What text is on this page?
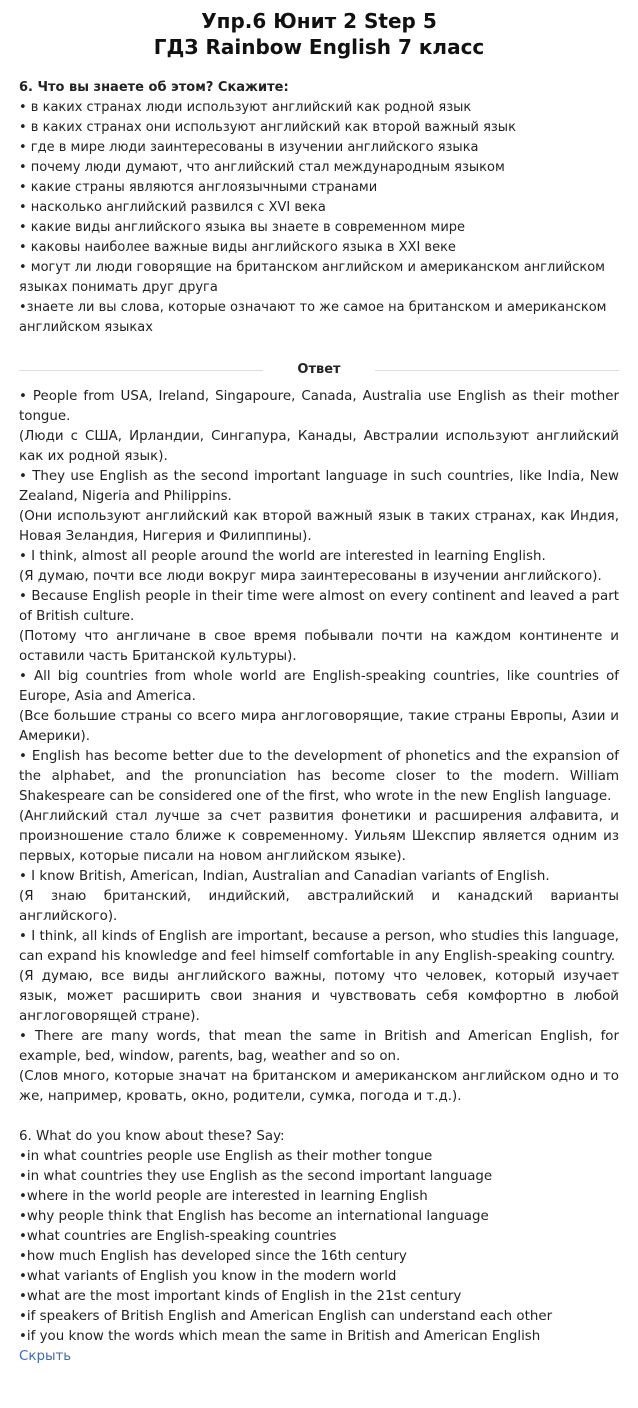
Упр.6 Юнит 2 Step 5
ГДЗ Rainbow English 7 класс
6. Что вы знаете об этом? Скажите:
• в каких странах люди используют английский как родной язык
• в каких странах они используют английский как второй важный язык
• где в мире люди заинтересованы в изучении английского языка
• почему люди думают, что английский стал международным языком
• какие страны являются англоязычными странами
• насколько английский развился с XVI века
• какие виды английского языка вы знаете в современном мире
• каковы наиболее важные виды английского языка в XXI веке
• могут ли люди говорящие на британском английском и американском английском языках понимать друг друга
•знаете ли вы слова, которые означают то же самое на британском и американском английском языках
Ответ
• People from USA, Ireland, Singapoure, Canada, Australia use English as their mother tongue.
(Люди с США, Ирландии, Сингапура, Канады, Австралии используют английский как их родной язык).
• They use English as the second important language in such countries, like India, New Zealand, Nigeria and Philippins.
(Они используют английский как второй важный язык в таких странах, как Индия, Новая Зеландия, Нигерия и Филиппины).
• I think, almost all people around the world are interested in learning English.
(Я думаю, почти все люди вокруг мира заинтересованы в изучении английского).
• Because English people in their time were almost on every continent and leaved a part of British culture.
(Потому что англичане в свое время побывали почти на каждом континенте и оставили часть Британской культуры).
• All big countries from whole world are English-speaking countries, like countries of Europe, Asia and America.
(Все большие страны со всего мира англоговорящие, такие страны Европы, Азии и Америки).
• English has become better due to the development of phonetics and the expansion of the alphabet, and the pronunciation has become closer to the modern. William Shakespeare can be considered one of the first, who wrote in the new English language.
(Английский стал лучше за счет развития фонетики и расширения алфавита, и произношение стало ближе к современному. Уильям Шекспир является одним из первых, которые писали на новом английском языке).
• I know British, American, Indian, Australian and Canadian variants of English.
(Я знаю британский, индийский, австралийский и канадский варианты английского).
• I think, all kinds of English are important, because a person, who studies this language, can expand his knowledge and feel himself comfortable in any English-speaking country.
(Я думаю, все виды английского важны, потому что человек, который изучает язык, может расширить свои знания и чувствовать себя комфортно в любой англоговорящей стране).
• There are many words, that mean the same in British and American English, for example, bed, window, parents, bag, weather and so on.
(Слов много, которые значат на британском и американском английском одно и то же, например, кровать, окно, родители, сумка, погода и т.д.).
6. What do you know about these? Say:
•in what countries people use English as their mother tongue
•in what countries they use English as the second important language
•where in the world people are interested in learning English
•why people think that English has become an international language
•what countries are English-speaking countries
•how much English has developed since the 16th century
•what variants of English you know in the modern world
•what are the most important kinds of English in the 21st century
•if speakers of British English and American English can understand each other
•if you know the words which mean the same in British and American English
Скрыть
